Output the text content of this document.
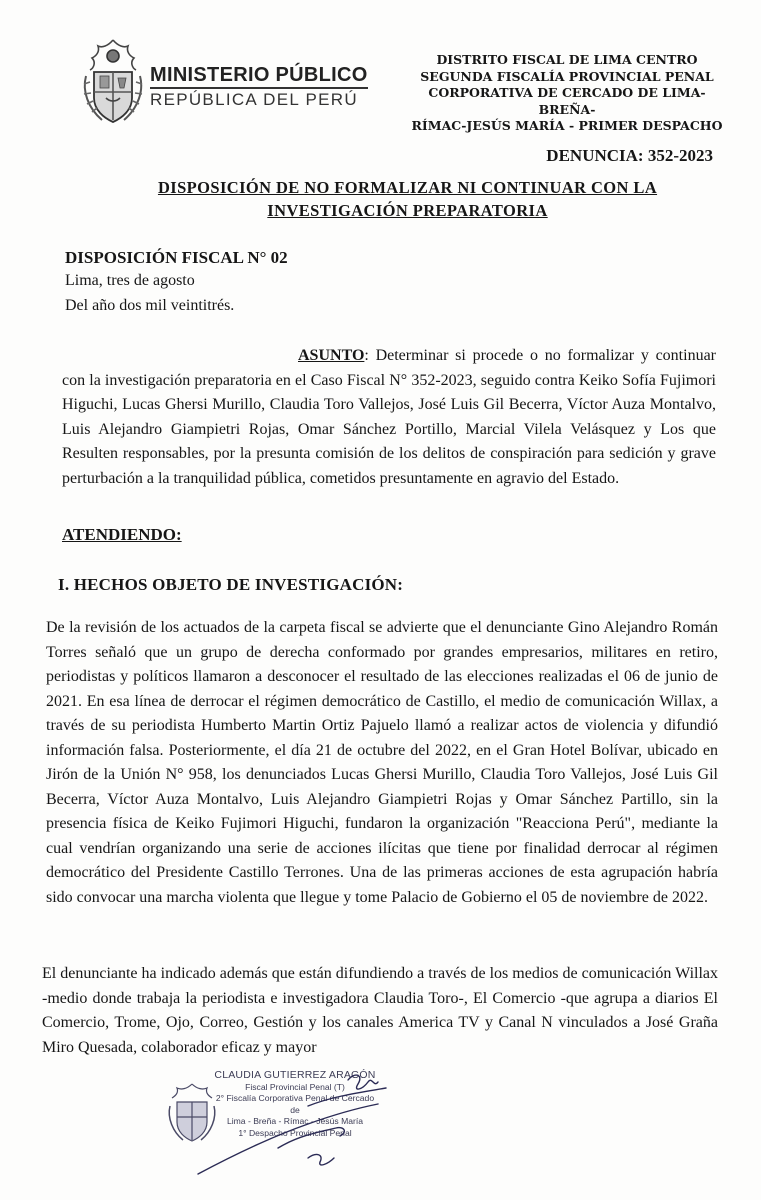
MINISTERIO PÚBLICO
REPÚBLICA DEL PERÚ
DISTRITO FISCAL DE LIMA CENTRO
SEGUNDA FISCALÍA PROVINCIAL PENAL
CORPORATIVA DE CERCADO DE LIMA-BREÑA-
RÍMAC-JESÚS MARÍA - PRIMER DESPACHO
DENUNCIA: 352-2023
DISPOSICIÓN DE NO FORMALIZAR NI CONTINUAR CON LA
INVESTIGACIÓN PREPARATORIA
DISPOSICIÓN FISCAL N° 02
Lima, tres de agosto
Del año dos mil veintitrés.
ASUNTO: Determinar si procede o no formalizar y continuar con la investigación preparatoria en el Caso Fiscal N° 352-2023, seguido contra Keiko Sofía Fujimori Higuchi, Lucas Ghersi Murillo, Claudia Toro Vallejos, José Luis Gil Becerra, Víctor Auza Montalvo, Luis Alejandro Giampietri Rojas, Omar Sánchez Portillo, Marcial Vilela Velásquez y Los que Resulten responsables, por la presunta comisión de los delitos de conspiración para sedición y grave perturbación a la tranquilidad pública, cometidos presuntamente en agravio del Estado.
ATENDIENDO:
I. HECHOS OBJETO DE INVESTIGACIÓN:
De la revisión de los actuados de la carpeta fiscal se advierte que el denunciante Gino Alejandro Román Torres señaló que un grupo de derecha conformado por grandes empresarios, militares en retiro, periodistas y políticos llamaron a desconocer el resultado de las elecciones realizadas el 06 de junio de 2021. En esa línea de derrocar el régimen democrático de Castillo, el medio de comunicación Willax, a través de su periodista Humberto Martin Ortiz Pajuelo llamó a realizar actos de violencia y difundió información falsa. Posteriormente, el día 21 de octubre del 2022, en el Gran Hotel Bolívar, ubicado en Jirón de la Unión N° 958, los denunciados Lucas Ghersi Murillo, Claudia Toro Vallejos, José Luis Gil Becerra, Víctor Auza Montalvo, Luis Alejandro Giampietri Rojas y Omar Sánchez Partillo, sin la presencia física de Keiko Fujimori Higuchi, fundaron la organización "Reacciona Perú", mediante la cual vendrían organizando una serie de acciones ilícitas que tiene por finalidad derrocar al régimen democrático del Presidente Castillo Terrones. Una de las primeras acciones de esta agrupación habría sido convocar una marcha violenta que llegue y tome Palacio de Gobierno el 05 de noviembre de 2022.
El denunciante ha indicado además que están difundiendo a través de los medios de comunicación Willax -medio donde trabaja la periodista e investigadora Claudia Toro-, El Comercio -que agrupa a diarios El Comercio, Trome, Ojo, Correo, Gestión y los canales America TV y Canal N vinculados a José Graña Miro Quesada, colaborador eficaz y mayor
CLAUDIA GUTIERREZ ARAGÓN
Fiscal Provincial Penal (T)
2° Fiscalía Corporativa Penal de Cercado de
Lima - Breña - Rímac - Jesús María
1° Despacho Provincial Penal
